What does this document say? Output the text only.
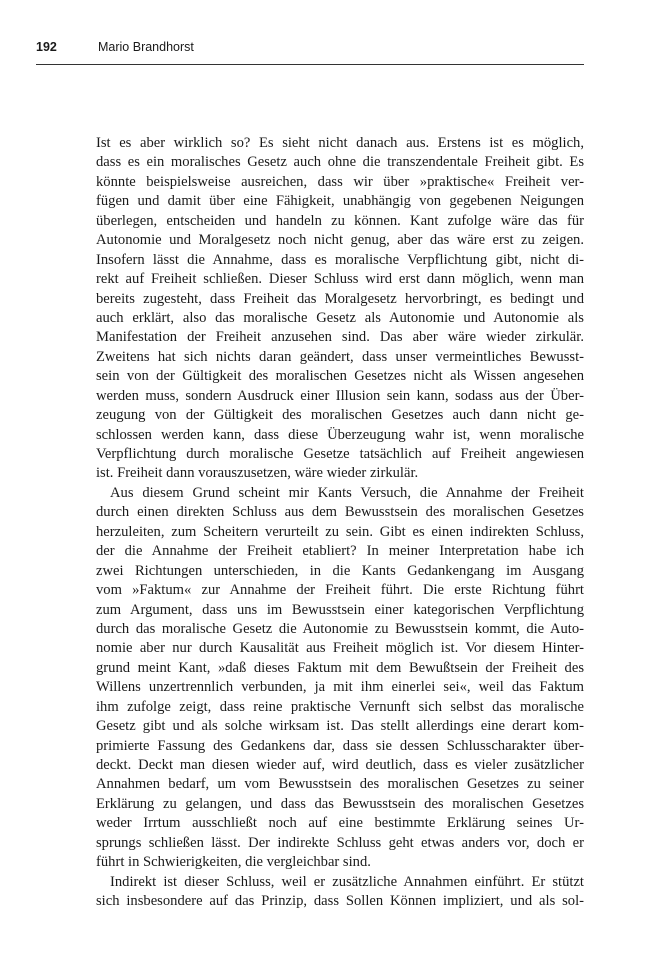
192	Mario Brandhorst
Ist es aber wirklich so? Es sieht nicht danach aus. Erstens ist es möglich,
dass es ein moralisches Gesetz auch ohne die transzendentale Freiheit gibt. Es
könnte beispielsweise ausreichen, dass wir über »praktische« Freiheit ver-
fügen und damit über eine Fähigkeit, unabhängig von gegebenen Neigungen
überlegen, entscheiden und handeln zu können. Kant zufolge wäre das für
Autonomie und Moralgesetz noch nicht genug, aber das wäre erst zu zeigen.
Insofern lässt die Annahme, dass es moralische Verpflichtung gibt, nicht di-
rekt auf Freiheit schließen. Dieser Schluss wird erst dann möglich, wenn man
bereits zugesteht, dass Freiheit das Moralgesetz hervorbringt, es bedingt und
auch erklärt, also das moralische Gesetz als Autonomie und Autonomie als
Manifestation der Freiheit anzusehen sind. Das aber wäre wieder zirkulär.
Zweitens hat sich nichts daran geändert, dass unser vermeintliches Bewusst-
sein von der Gültigkeit des moralischen Gesetzes nicht als Wissen angesehen
werden muss, sondern Ausdruck einer Illusion sein kann, sodass aus der Über-
zeugung von der Gültigkeit des moralischen Gesetzes auch dann nicht ge-
schlossen werden kann, dass diese Überzeugung wahr ist, wenn moralische
Verpflichtung durch moralische Gesetze tatsächlich auf Freiheit angewiesen
ist. Freiheit dann vorauszusetzen, wäre wieder zirkulär.
Aus diesem Grund scheint mir Kants Versuch, die Annahme der Freiheit
durch einen direkten Schluss aus dem Bewusstsein des moralischen Gesetzes
herzuleiten, zum Scheitern verurteilt zu sein. Gibt es einen indirekten Schluss,
der die Annahme der Freiheit etabliert? In meiner Interpretation habe ich
zwei Richtungen unterschieden, in die Kants Gedankengang im Ausgang
vom »Faktum« zur Annahme der Freiheit führt. Die erste Richtung führt
zum Argument, dass uns im Bewusstsein einer kategorischen Verpflichtung
durch das moralische Gesetz die Autonomie zu Bewusstsein kommt, die Auto-
nomie aber nur durch Kausalität aus Freiheit möglich ist. Vor diesem Hinter-
grund meint Kant, »daß dieses Faktum mit dem Bewußtsein der Freiheit des
Willens unzertrennlich verbunden, ja mit ihm einerlei sei«, weil das Faktum
ihm zufolge zeigt, dass reine praktische Vernunft sich selbst das moralische
Gesetz gibt und als solche wirksam ist. Das stellt allerdings eine derart kom-
primierte Fassung des Gedankens dar, dass sie dessen Schlusscharakter über-
deckt. Deckt man diesen wieder auf, wird deutlich, dass es vieler zusätzlicher
Annahmen bedarf, um vom Bewusstsein des moralischen Gesetzes zu seiner
Erklärung zu gelangen, und dass das Bewusstsein des moralischen Gesetzes
weder Irrtum ausschließt noch auf eine bestimmte Erklärung seines Ur-
sprungs schließen lässt. Der indirekte Schluss geht etwas anders vor, doch er
führt in Schwierigkeiten, die vergleichbar sind.
Indirekt ist dieser Schluss, weil er zusätzliche Annahmen einführt. Er stützt
sich insbesondere auf das Prinzip, dass Sollen Können impliziert, und als sol-
